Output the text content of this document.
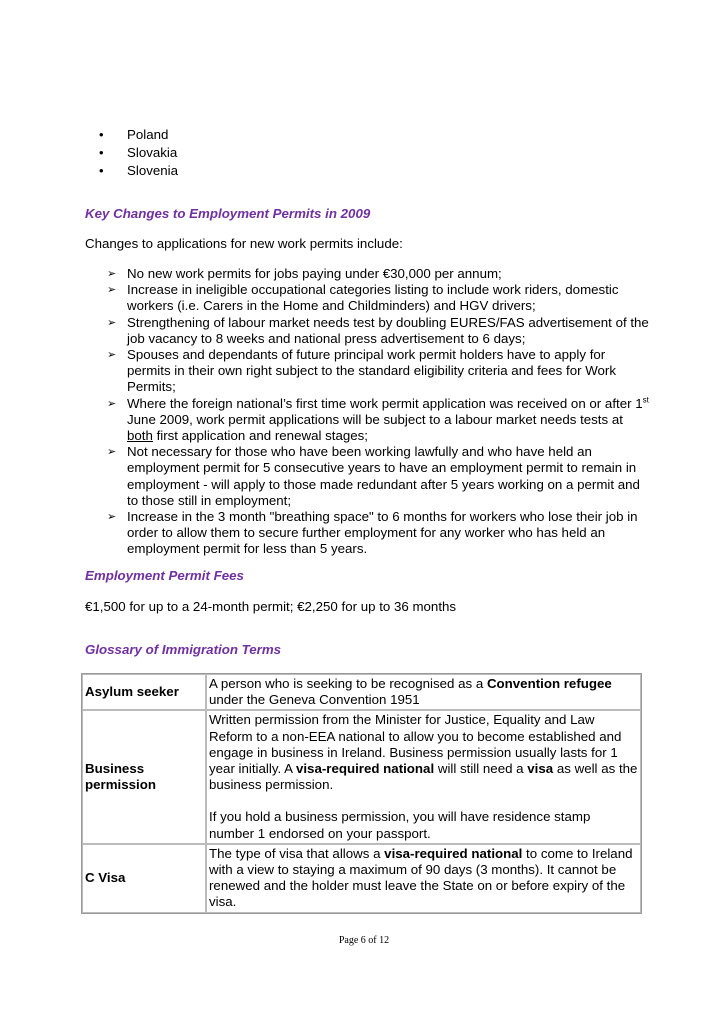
• Poland
• Slovakia
• Slovenia
Key Changes to Employment Permits in 2009
Changes to applications for new work permits include:
➢ No new work permits for jobs paying under €30,000 per annum;
➢ Increase in ineligible occupational categories listing to include work riders, domestic workers (i.e. Carers in the Home and Childminders) and HGV drivers;
➢ Strengthening of labour market needs test by doubling EURES/FAS advertisement of the job vacancy to 8 weeks and national press advertisement to 6 days;
➢ Spouses and dependants of future principal work permit holders have to apply for permits in their own right subject to the standard eligibility criteria and fees for Work Permits;
➢ Where the foreign national’s first time work permit application was received on or after 1st June 2009, work permit applications will be subject to a labour market needs tests at both first application and renewal stages;
➢ Not necessary for those who have been working lawfully and who have held an employment permit for 5 consecutive years to have an employment permit to remain in employment - will apply to those made redundant after 5 years working on a permit and to those still in employment;
➢ Increase in the 3 month "breathing space" to 6 months for workers who lose their job in order to allow them to secure further employment for any worker who has held an employment permit for less than 5 years.
Employment Permit Fees
€1,500 for up to a 24-month permit; €2,250 for up to 36 months
Glossary of Immigration Terms
Asylum seeker	A person who is seeking to be recognised as a Convention refugee under the Geneva Convention 1951

Business permission	Written permission from the Minister for Justice, Equality and Law Reform to a non-EEA national to allow you to become established and engage in business in Ireland. Business permission usually lasts for 1 year initially. A visa-required national will still need a visa as well as the business permission.

If you hold a business permission, you will have residence stamp number 1 endorsed on your passport.

C Visa	The type of visa that allows a visa-required national to come to Ireland with a view to staying a maximum of 90 days (3 months). It cannot be renewed and the holder must leave the State on or before expiry of the visa.

Page 6 of 12
